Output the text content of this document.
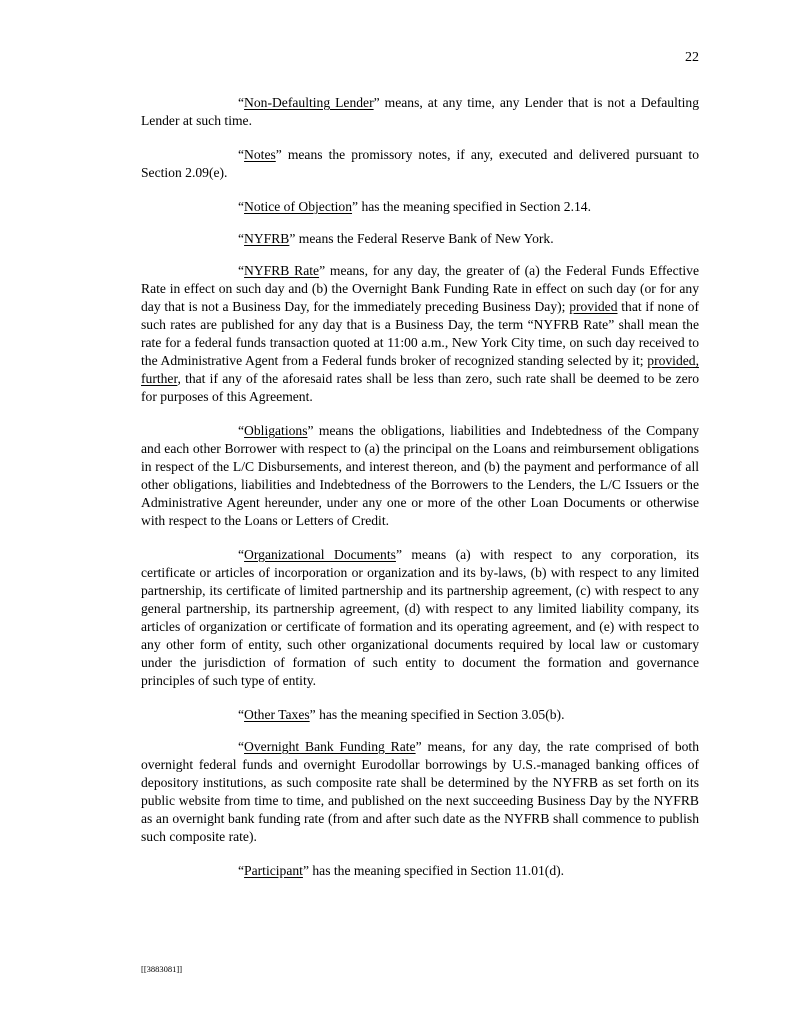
22

“Non-Defaulting Lender” means, at any time, any Lender that is not a Defaulting Lender at such time.

“Notes” means the promissory notes, if any, executed and delivered pursuant to Section 2.09(e).

“Notice of Objection” has the meaning specified in Section 2.14.

“NYFRB” means the Federal Reserve Bank of New York.

“NYFRB Rate” means, for any day, the greater of (a) the Federal Funds Effective Rate in effect on such day and (b) the Overnight Bank Funding Rate in effect on such day (or for any day that is not a Business Day, for the immediately preceding Business Day); provided that if none of such rates are published for any day that is a Business Day, the term “NYFRB Rate” shall mean the rate for a federal funds transaction quoted at 11:00 a.m., New York City time, on such day received to the Administrative Agent from a Federal funds broker of recognized standing selected by it; provided, further, that if any of the aforesaid rates shall be less than zero, such rate shall be deemed to be zero for purposes of this Agreement.

“Obligations” means the obligations, liabilities and Indebtedness of the Company and each other Borrower with respect to (a) the principal on the Loans and reimbursement obligations in respect of the L/C Disbursements, and interest thereon, and (b) the payment and performance of all other obligations, liabilities and Indebtedness of the Borrowers to the Lenders, the L/C Issuers or the Administrative Agent hereunder, under any one or more of the other Loan Documents or otherwise with respect to the Loans or Letters of Credit.

“Organizational Documents” means (a) with respect to any corporation, its certificate or articles of incorporation or organization and its by-laws, (b) with respect to any limited partnership, its certificate of limited partnership and its partnership agreement, (c) with respect to any general partnership, its partnership agreement, (d) with respect to any limited liability company, its articles of organization or certificate of formation and its operating agreement, and (e) with respect to any other form of entity, such other organizational documents required by local law or customary under the jurisdiction of formation of such entity to document the formation and governance principles of such type of entity.

“Other Taxes” has the meaning specified in Section 3.05(b).

“Overnight Bank Funding Rate” means, for any day, the rate comprised of both overnight federal funds and overnight Eurodollar borrowings by U.S.-managed banking offices of depository institutions, as such composite rate shall be determined by the NYFRB as set forth on its public website from time to time, and published on the next succeeding Business Day by the NYFRB as an overnight bank funding rate (from and after such date as the NYFRB shall commence to publish such composite rate).

“Participant” has the meaning specified in Section 11.01(d).

[[3883081]]
